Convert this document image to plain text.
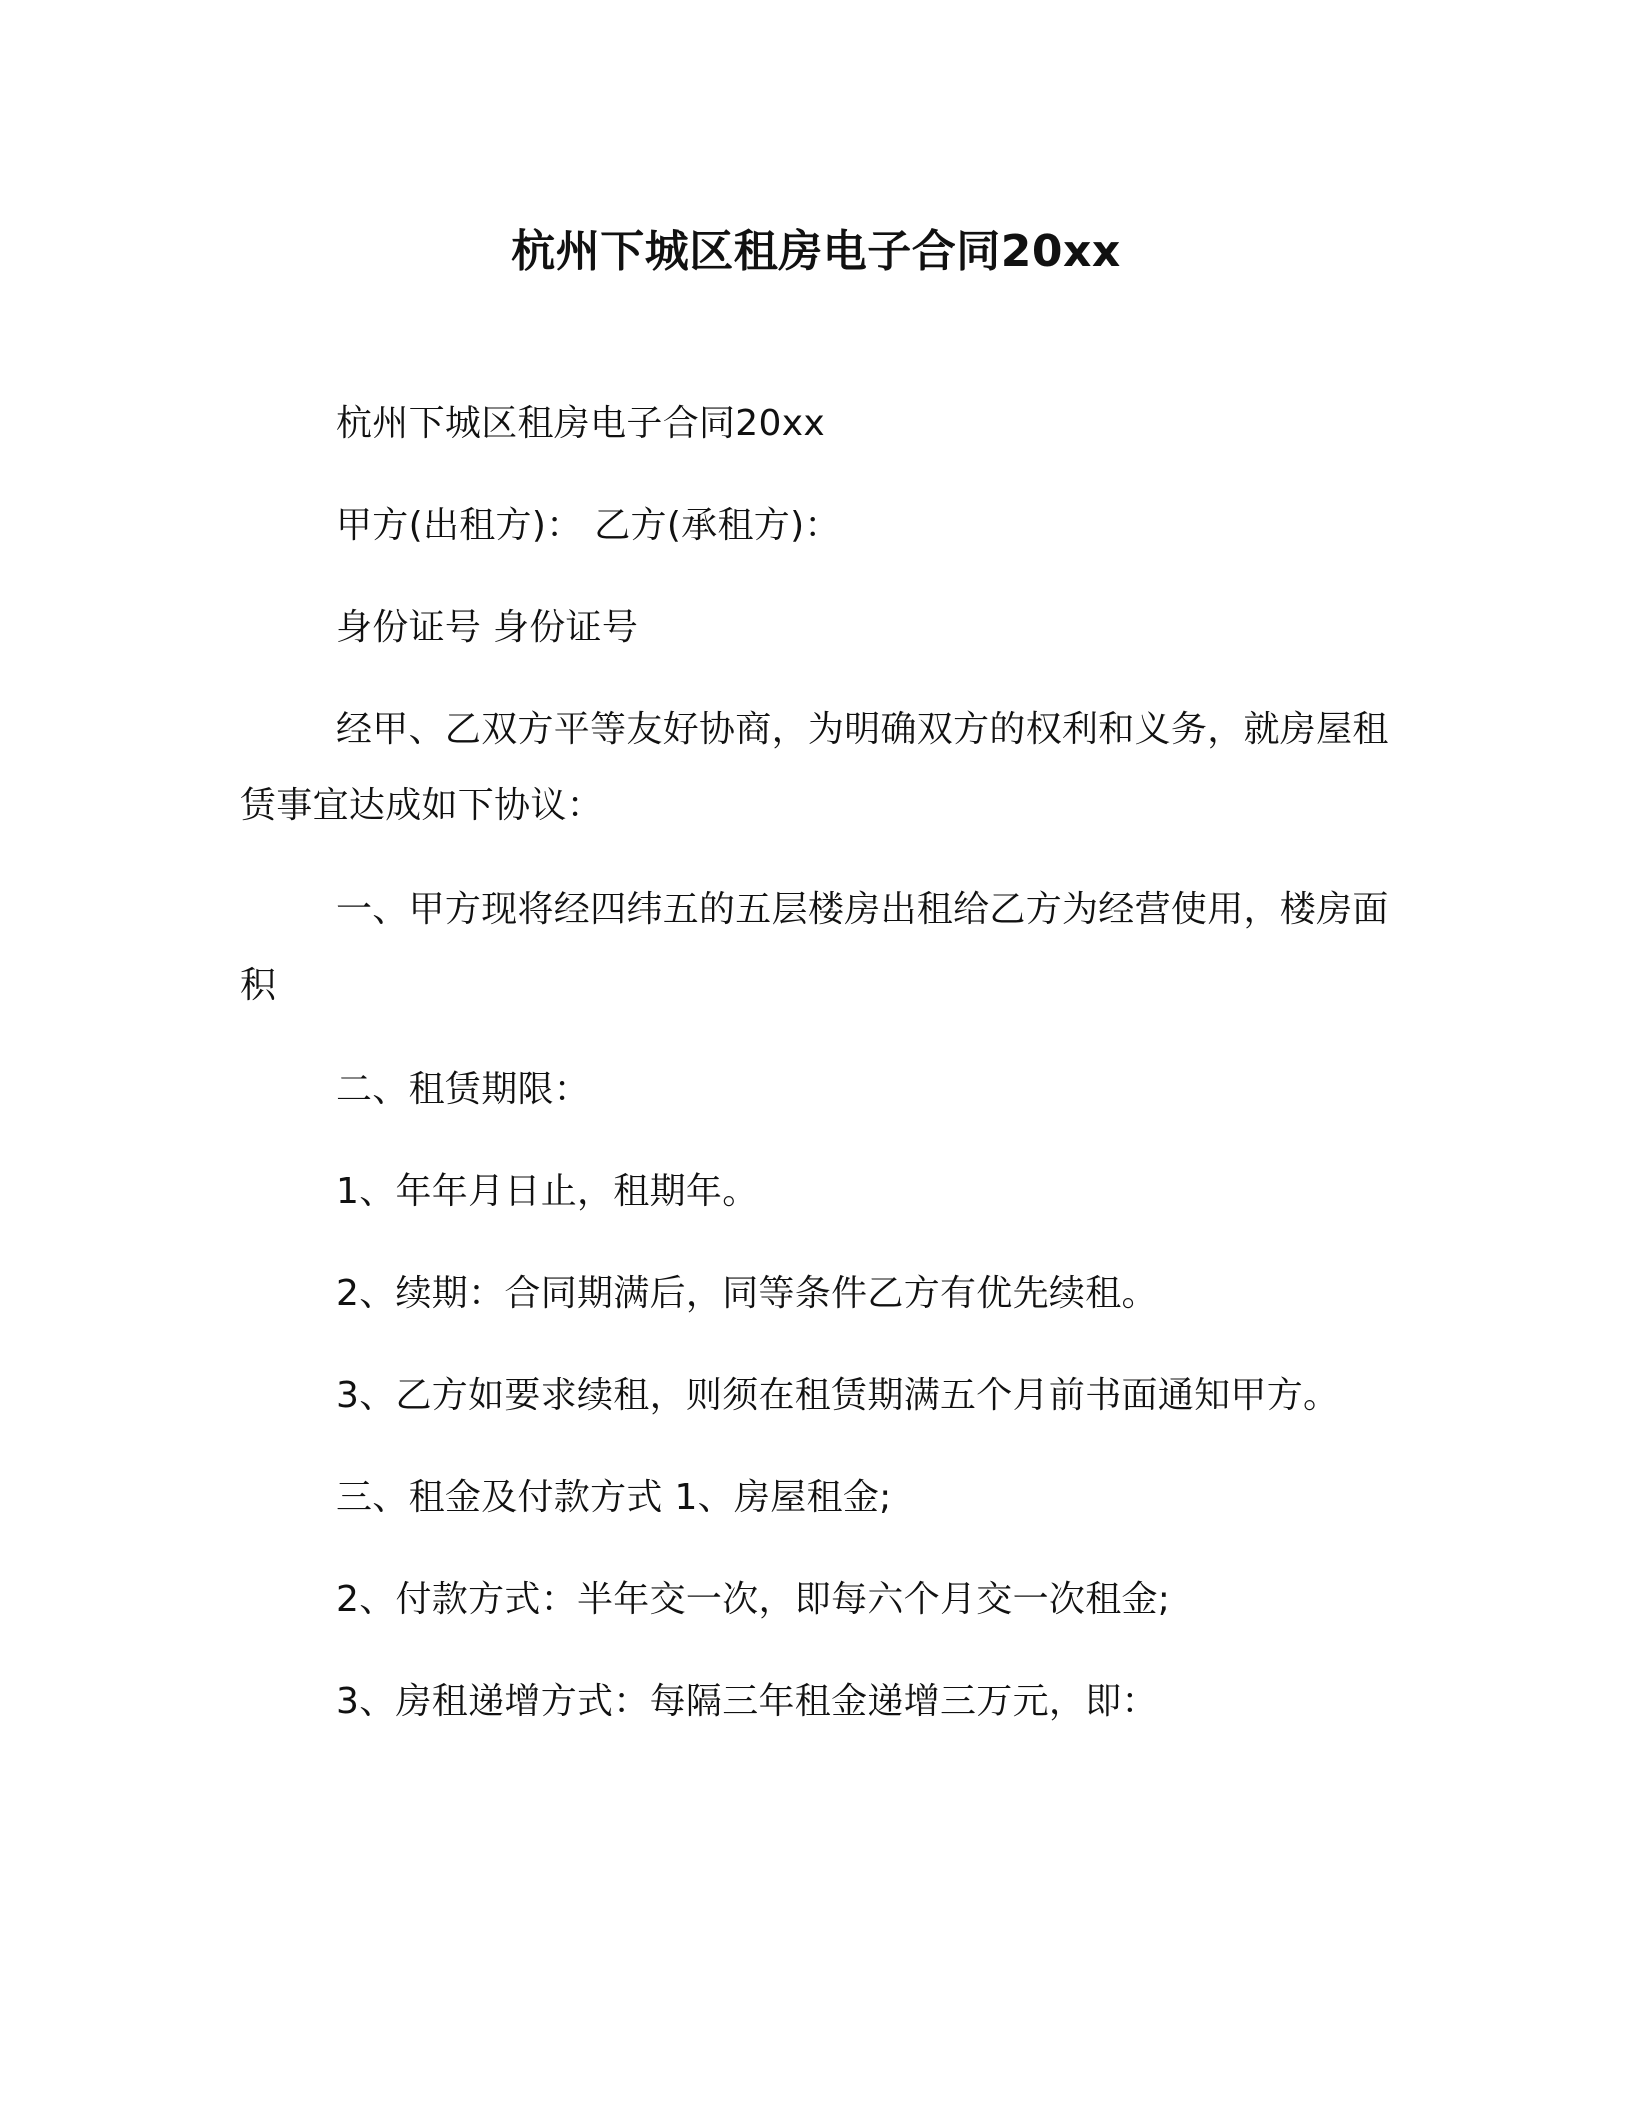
杭州下城区租房电子合同20xx
杭州下城区租房电子合同20xx
甲方(出租方)： 乙方(承租方)：
身份证号 身份证号
经甲、乙双方平等友好协商，为明确双方的权利和义务，就房屋租赁事宜达成如下协议：
一、甲方现将经四纬五的五层楼房出租给乙方为经营使用，楼房面积
二、租赁期限：
1、年年月日止，租期年。
2、续期：合同期满后，同等条件乙方有优先续租。
3、乙方如要求续租，则须在租赁期满五个月前书面通知甲方。
三、租金及付款方式 1、房屋租金;
2、付款方式：半年交一次，即每六个月交一次租金;
3、房租递增方式：每隔三年租金递增三万元，即：
